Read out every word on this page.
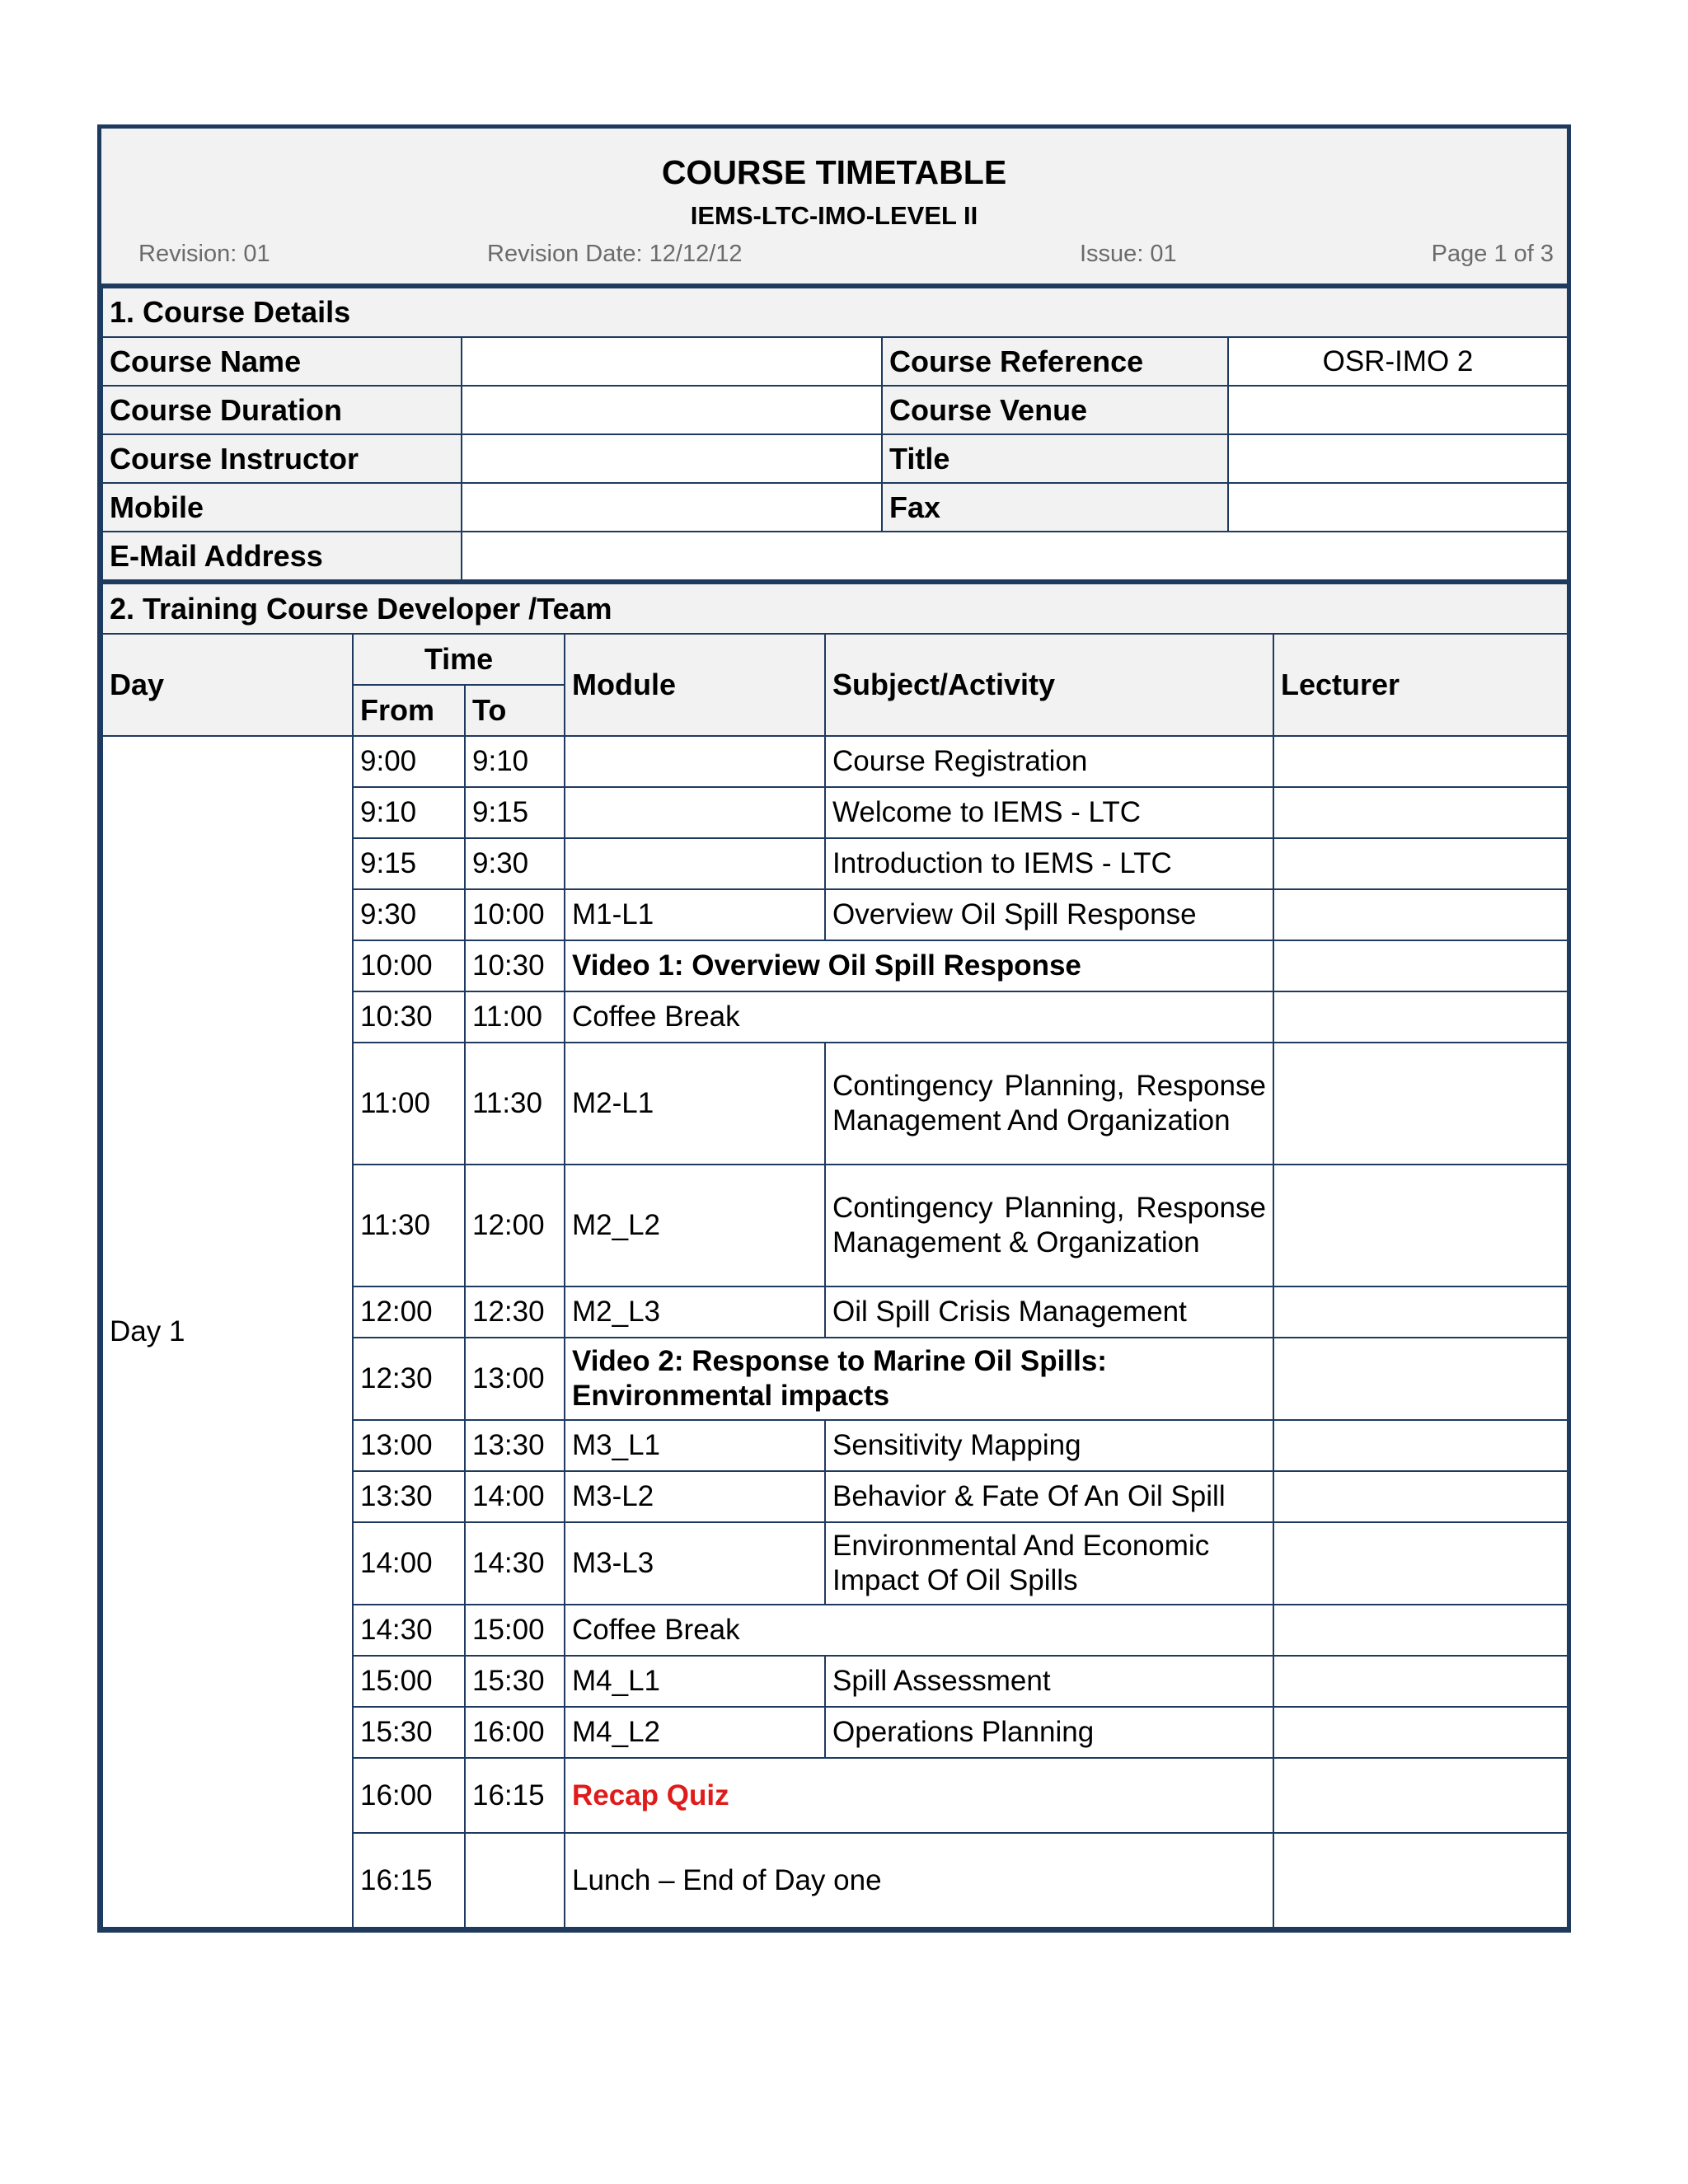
COURSE TIMETABLE
IEMS-LTC-IMO-LEVEL II
Revision: 01	Revision Date: 12/12/12	Issue: 01	Page 1 of 3
1. Course Details			
Course Name		Course Reference	OSR-IMO 2
Course Duration		Course Venue	
Course Instructor		Title	
Mobile		Fax	
E-Mail Address			
2. Training Course Developer /Team					
Day	Time		Module	Subject/Activity	Lecturer
	From	To			
Day 1	9:00	9:10		Course Registration	
	9:10	9:15		Welcome to IEMS - LTC	
	9:15	9:30		Introduction to IEMS - LTC	
	9:30	10:00	M1-L1	Overview Oil Spill Response	
	10:00	10:30	Video 1: Overview Oil Spill Response		
	10:30	11:00	Coffee Break		
	11:00	11:30	M2-L1	Contingency Planning, Response Management And Organization	
	11:30	12:00	M2_L2	Contingency Planning, Response Management & Organization	
	12:00	12:30	M2_L3	Oil Spill Crisis Management	
	12:30	13:00	Video 2: Response to Marine Oil Spills: Environmental impacts		
	13:00	13:30	M3_L1	Sensitivity Mapping	
	13:30	14:00	M3-L2	Behavior & Fate Of An Oil Spill	
	14:00	14:30	M3-L3	Environmental And Economic Impact Of Oil Spills	
	14:30	15:00	Coffee Break		
	15:00	15:30	M4_L1	Spill Assessment	
	15:30	16:00	M4_L2	Operations Planning	
	16:00	16:15	Recap Quiz		
	16:15		Lunch – End of Day one		
